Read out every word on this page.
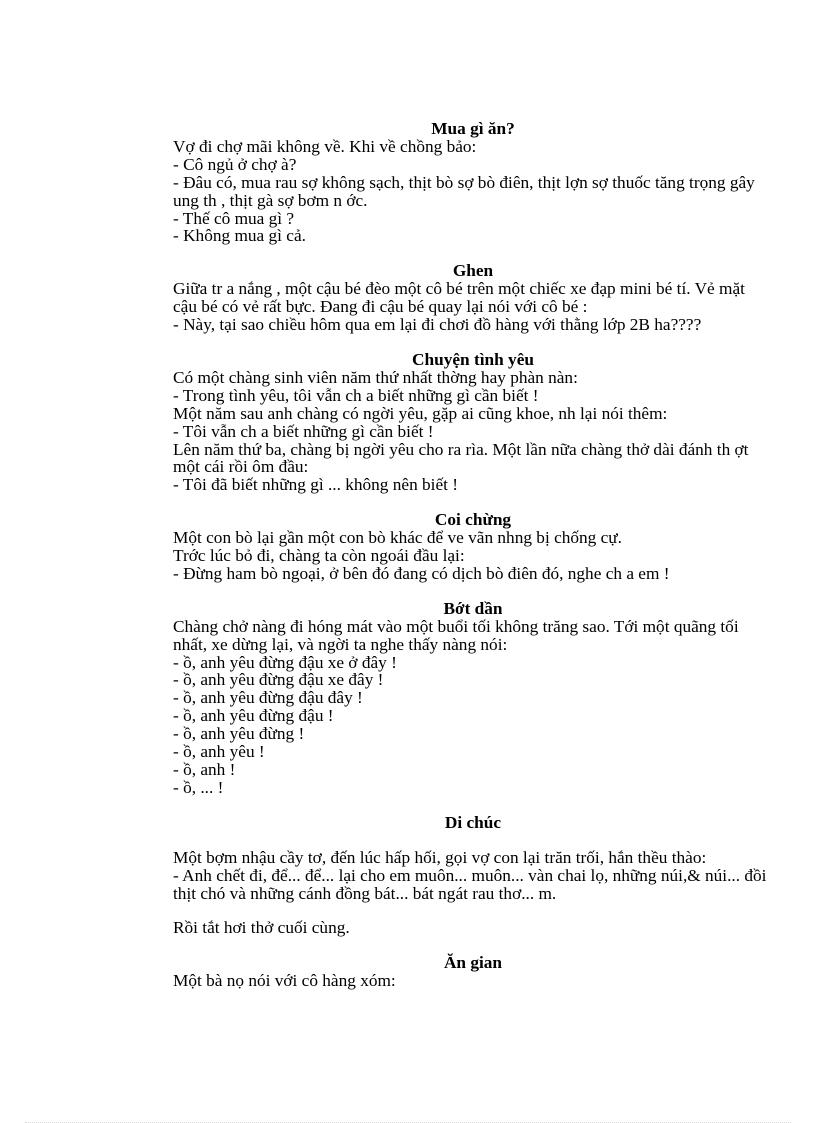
Mua gì ăn?

Vợ đi chợ mãi không về. Khi về chồng bảo:

- Cô ngủ ở chợ à?

- Đâu có, mua rau sợ không sạch, thịt bò sợ bò điên, thịt lợn sợ thuốc tăng trọng gây ung th , thịt gà sợ bơm n ớc.

- Thế cô mua gì ?

- Không mua gì cả.

Ghen

Giữa tr a nắng , một cậu bé đèo một cô bé trên một chiếc xe đạp mini bé tí. Vẻ mặt cậu bé có vẻ rất bực. Đang đi cậu bé quay lại nói với cô bé :

- Này, tại sao chiều hôm qua em lại đi chơi đồ hàng với thằng lớp 2B ha????

Chuyện tình yêu

Có một chàng sinh viên năm thứ nhất thờng hay phàn nàn:

- Trong tình yêu, tôi vẫn ch a biết những gì cần biết !

Một năm sau anh chàng có ngời yêu, gặp ai cũng khoe, nh lại nói thêm:

- Tôi vẫn ch a biết những gì cần biết !

Lên năm thứ ba, chàng bị ngời yêu cho ra rìa. Một lần nữa chàng thở dài đánh th ợt một cái rồi ôm đầu:

- Tôi đã biết những gì ... không nên biết !

Coi chừng

Một con bò lại gần một con bò khác để ve vãn nhng bị chống cự.

Trớc lúc bỏ đi, chàng ta còn ngoái đầu lại:

- Đừng ham bò ngoại, ở bên đó đang có dịch bò điên đó, nghe ch a em !

Bớt dần

Chàng chở nàng đi hóng mát vào một buổi tối không trăng sao. Tới một quãng tối nhất, xe dừng lại, và ngời ta nghe thấy nàng nói:

- ồ, anh yêu đừng đậu xe ở đây !

- ồ, anh yêu đừng đậu xe đây !

- ồ, anh yêu đừng đậu đây !

- ồ, anh yêu đừng đậu !

- ồ, anh yêu đừng !

- ồ, anh yêu !

- ồ, anh !

- ồ, ... !

Di chúc

Một bợm nhậu cầy tơ, đến lúc hấp hối, gọi vợ con lại trăn trối, hắn thều thào:

- Anh chết đi, để... để... lại cho em muôn... muôn... vàn chai lọ, những núi,& núi... đồi thịt chó và những cánh đồng bát... bát ngát rau thơ... m.

Rồi tắt hơi thở cuối cùng.

Ăn gian

Một bà nọ nói với cô hàng xóm:
